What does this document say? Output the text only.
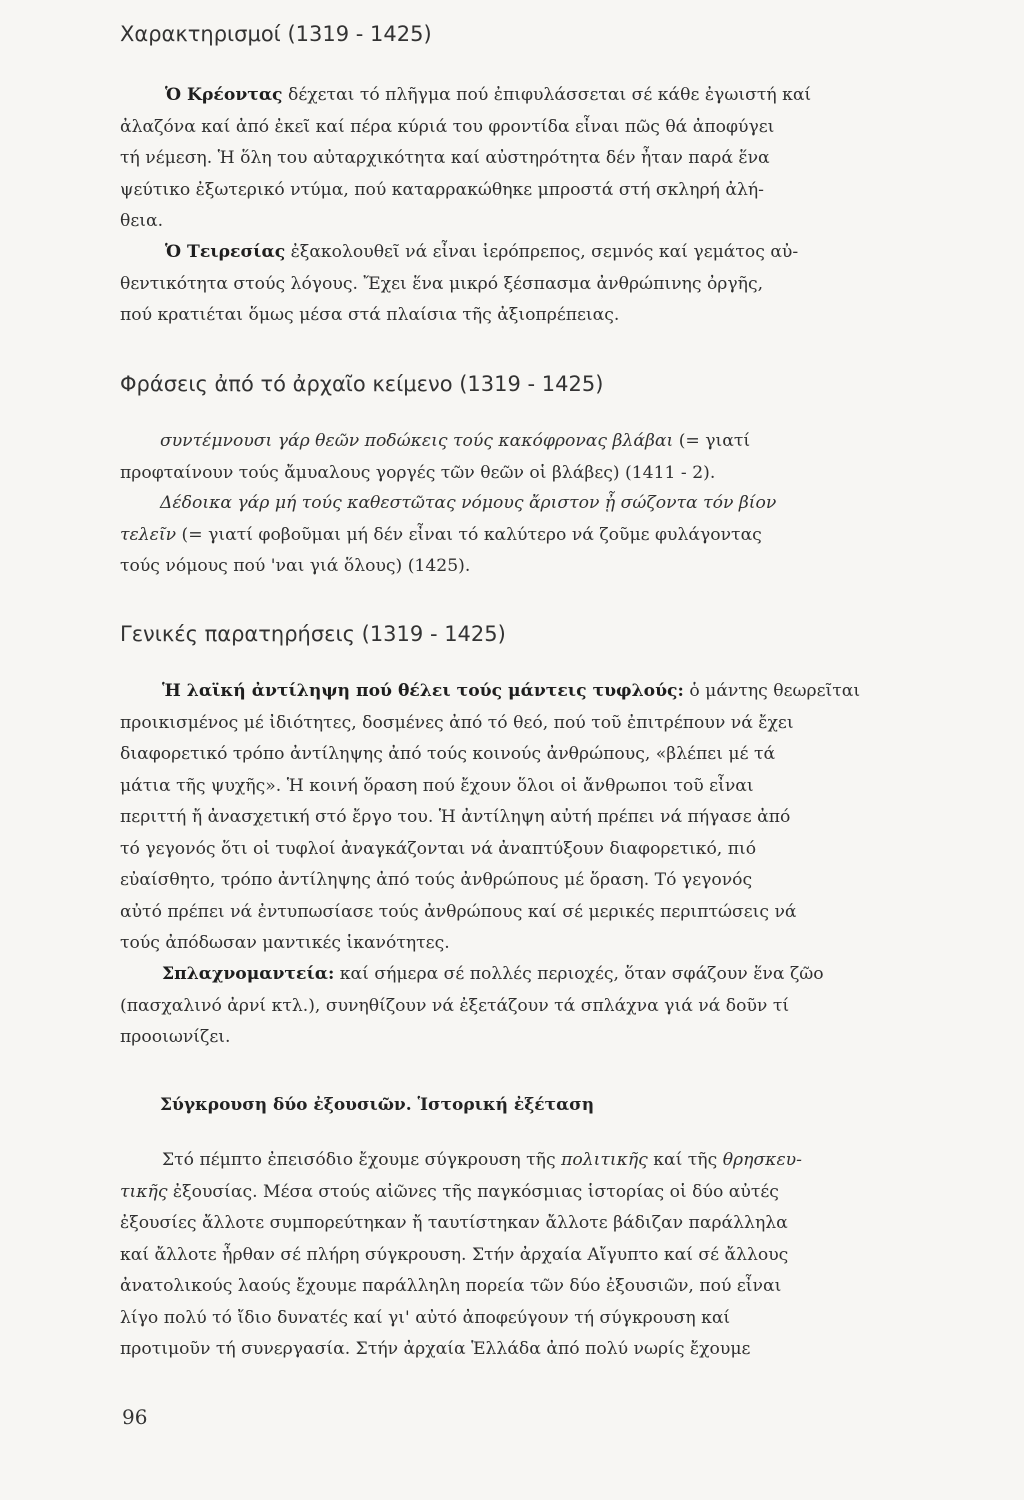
Χαρακτηρισμοί (1319 - 1425)
Ὁ Κρέοντας δέχεται τό πλῆγμα πού ἐπιφυλάσσεται σέ κάθε ἐγωιστή καί
ἀλαζόνα καί ἀπό ἐκεῖ καί πέρα κύριά του φροντίδα εἶναι πῶς θά ἀποφύγει
τή νέμεση. Ἡ ὅλη του αὐταρχικότητα καί αὐστηρότητα δέν ἦταν παρά ἕνα
ψεύτικο ἐξωτερικό ντύμα, πού καταρρακώθηκε μπροστά στή σκληρή ἀλή-
θεια.
Ὁ Τειρεσίας ἐξακολουθεῖ νά εἶναι ἱερόπρεπος, σεμνός καί γεμάτος αὐ-
θεντικότητα στούς λόγους. Ἔχει ἕνα μικρό ξέσπασμα ἀνθρώπινης ὀργῆς,
πού κρατιέται ὅμως μέσα στά πλαίσια τῆς ἀξιοπρέπειας.
Φράσεις ἀπό τό ἀρχαῖο κείμενο (1319 - 1425)
συντέμνουσι γάρ θεῶν ποδώκεις τούς κακόφρονας βλάβαι (= γιατί
προφταίνουν τούς ἄμυαλους γοργές τῶν θεῶν οἱ βλάβες) (1411 - 2).
Δέδοικα γάρ μή τούς καθεστῶτας νόμους ἄριστον ᾖ σώζοντα τόν βίον
τελεῖν (= γιατί φοβοῦμαι μή δέν εἶναι τό καλύτερο νά ζοῦμε φυλάγοντας
τούς νόμους πού 'ναι γιά ὅλους) (1425).
Γενικές παρατηρήσεις (1319 - 1425)
Ἡ λαϊκή ἀντίληψη πού θέλει τούς μάντεις τυφλούς: ὁ μάντης θεωρεῖται
προικισμένος μέ ἰδιότητες, δοσμένες ἀπό τό θεό, πού τοῦ ἐπιτρέπουν νά ἔχει
διαφορετικό τρόπο ἀντίληψης ἀπό τούς κοινούς ἀνθρώπους, «βλέπει μέ τά
μάτια τῆς ψυχῆς». Ἡ κοινή ὅραση πού ἔχουν ὅλοι οἱ ἄνθρωποι τοῦ εἶναι
περιττή ἤ ἀνασχετική στό ἔργο του. Ἡ ἀντίληψη αὐτή πρέπει νά πήγασε ἀπό
τό γεγονός ὅτι οἱ τυφλοί ἀναγκάζονται νά ἀναπτύξουν διαφορετικό, πιό
εὐαίσθητο, τρόπο ἀντίληψης ἀπό τούς ἀνθρώπους μέ ὅραση. Τό γεγονός
αὐτό πρέπει νά ἐντυπωσίασε τούς ἀνθρώπους καί σέ μερικές περιπτώσεις νά
τούς ἀπόδωσαν μαντικές ἱκανότητες.
Σπλαχνομαντεία: καί σήμερα σέ πολλές περιοχές, ὅταν σφάζουν ἕνα ζῶο
(πασχαλινό ἀρνί κτλ.), συνηθίζουν νά ἐξετάζουν τά σπλάχνα γιά νά δοῦν τί
προοιωνίζει.
Σύγκρουση δύο ἐξουσιῶν. Ἱστορική ἐξέταση
Στό πέμπτο ἐπεισόδιο ἔχουμε σύγκρουση τῆς πολιτικῆς καί τῆς θρησκευ-
τικῆς ἐξουσίας. Μέσα στούς αἰῶνες τῆς παγκόσμιας ἱστορίας οἱ δύο αὐτές
ἐξουσίες ἄλλοτε συμπορεύτηκαν ἤ ταυτίστηκαν ἄλλοτε βάδιζαν παράλληλα
καί ἄλλοτε ἦρθαν σέ πλήρη σύγκρουση. Στήν ἀρχαία Αἴγυπτο καί σέ ἄλλους
ἀνατολικούς λαούς ἔχουμε παράλληλη πορεία τῶν δύο ἐξουσιῶν, πού εἶναι
λίγο πολύ τό ἴδιο δυνατές καί γι' αὐτό ἀποφεύγουν τή σύγκρουση καί
προτιμοῦν τή συνεργασία. Στήν ἀρχαία Ἑλλάδα ἀπό πολύ νωρίς ἔχουμε
96
